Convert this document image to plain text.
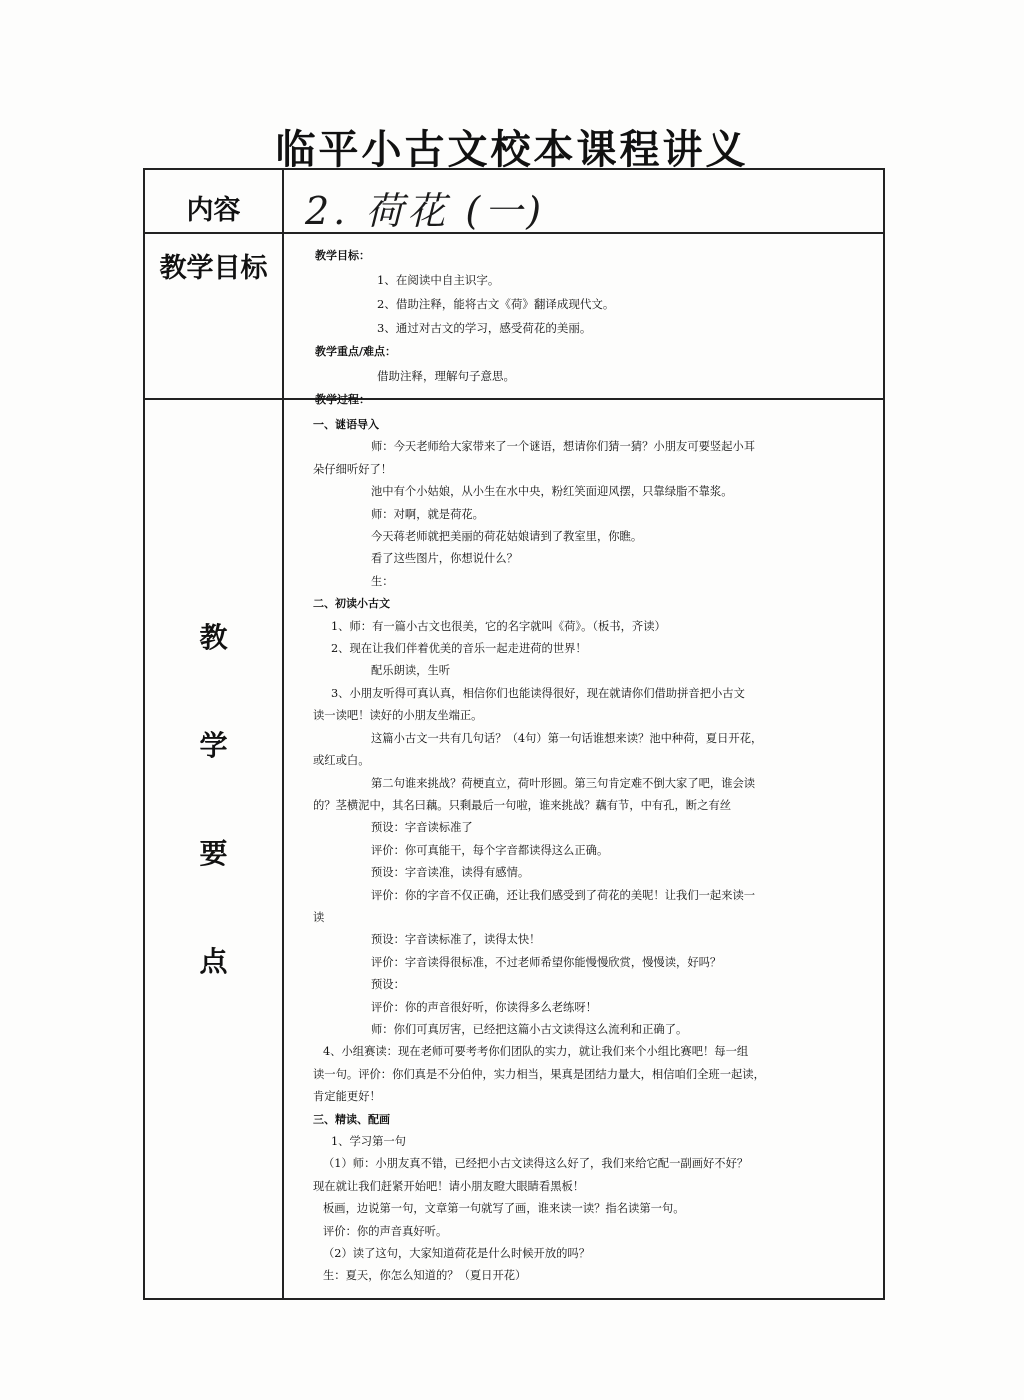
临平小古文校本课程讲义
内容
教学目标
教
学
要
点
2. 荷花 (一)
教学目标：
1、在阅读中自主识字。
2、借助注释，能将古文《荷》翻译成现代文。
3、通过对古文的学习，感受荷花的美丽。
教学重点/难点：
借助注释，理解句子意思。
教学过程：

一、谜语导入

师：今天老师给大家带来了一个谜语，想请你们猜一猜？小朋友可要竖起小耳

朵仔细听好了！

池中有个小姑娘，从小生在水中央，粉红笑面迎风摆，只靠绿脂不靠浆。

师：对啊，就是荷花。

今天蒋老师就把美丽的荷花姑娘请到了教室里，你瞧。

看了这些图片，你想说什么？

生：

二、初读小古文

1、师：有一篇小古文也很美，它的名字就叫《荷》。（板书，齐读）

2、现在让我们伴着优美的音乐一起走进荷的世界！

配乐朗读，生听

3、小朋友听得可真认真，相信你们也能读得很好，现在就请你们借助拼音把小古文

读一读吧！读好的小朋友坐端正。

这篇小古文一共有几句话？（4句）第一句话谁想来读？池中种荷，夏日开花，

或红或白。

第二句谁来挑战？荷梗直立，荷叶形圆。第三句肯定难不倒大家了吧，谁会读

的？茎横泥中，其名曰藕。只剩最后一句啦，谁来挑战？藕有节，中有孔，断之有丝

预设：字音读标准了

评价：你可真能干，每个字音都读得这么正确。

预设：字音读准，读得有感情。

评价：你的字音不仅正确，还让我们感受到了荷花的美呢！让我们一起来读一

读

预设：字音读标准了，读得太快！

评价：字音读得很标准，不过老师希望你能慢慢欣赏，慢慢读，好吗？

预设：

评价：你的声音很好听，你读得多么老练呀！

师：你们可真厉害，已经把这篇小古文读得这么流利和正确了。

4、小组赛读：现在老师可要考考你们团队的实力，就让我们来个小组比赛吧！每一组

读一句。评价：你们真是不分伯仲，实力相当，果真是团结力量大，相信咱们全班一起读，

肯定能更好！

三、精读、配画

1、学习第一句

（1）师：小朋友真不错，已经把小古文读得这么好了，我们来给它配一副画好不好？

现在就让我们赶紧开始吧！请小朋友瞪大眼睛看黑板！

板画，边说第一句，文章第一句就写了画，谁来读一读？指名读第一句。

评价：你的声音真好听。

（2）读了这句，大家知道荷花是什么时候开放的吗？

生：夏天，你怎么知道的？（夏日开花）
